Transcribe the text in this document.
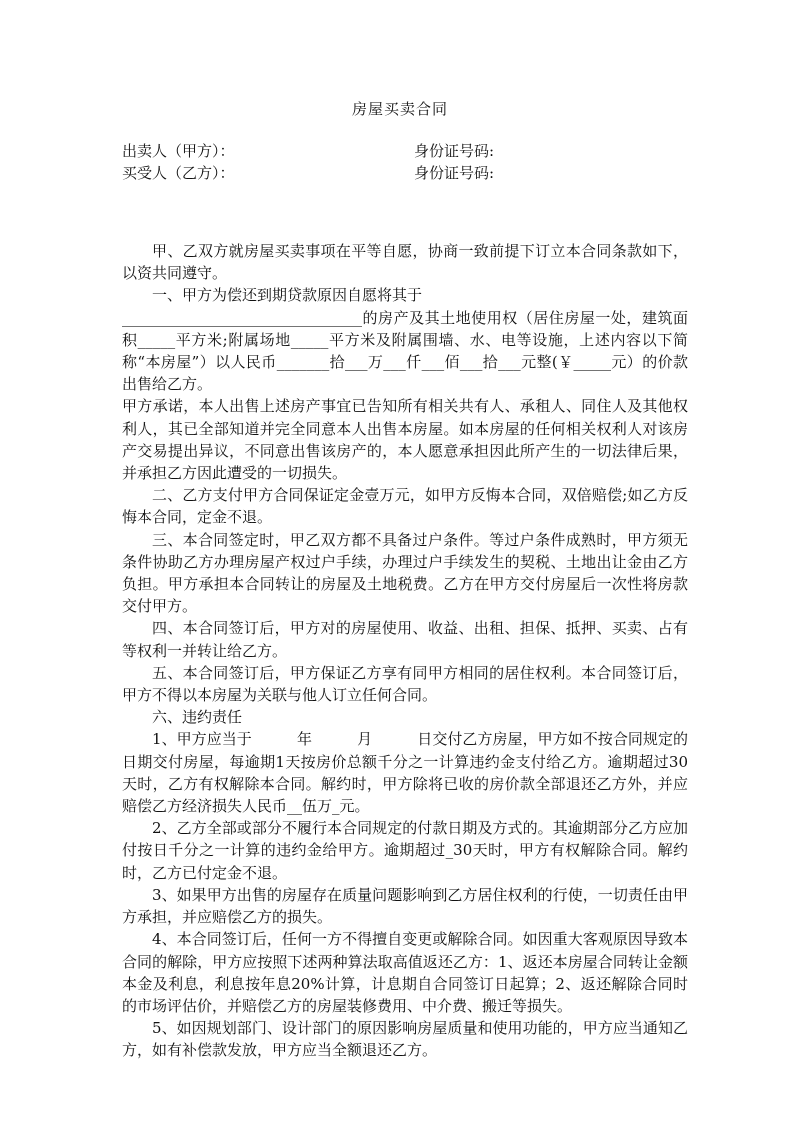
房屋买卖合同
出卖人（甲方）：	身份证号码:
买受人（乙方）：	身份证号码:

甲、乙双方就房屋买卖事项在平等自愿，协商一致前提下订立本合同条款如下，以资共同遵守。

一、甲方为偿还到期贷款原因自愿将其于

________________________________的房产及其土地使用权（居住房屋一处，建筑面积_____平方米;附属场地_____平方米及附属围墙、水、电等设施，上述内容以下简称“本房屋”）以人民币_______拾___万___仟___佰___拾___元整(￥_____元）的价款出售给乙方。

甲方承诺，本人出售上述房产事宜已告知所有相关共有人、承租人、同住人及其他权利人，其已全部知道并完全同意本人出售本房屋。如本房屋的任何相关权利人对该房产交易提出异议，不同意出售该房产的，本人愿意承担因此所产生的一切法律后果，并承担乙方因此遭受的一切损失。

二、乙方支付甲方合同保证定金壹万元，如甲方反悔本合同，双倍赔偿;如乙方反悔本合同，定金不退。

三、本合同签定时，甲乙双方都不具备过户条件。等过户条件成熟时，甲方须无条件协助乙方办理房屋产权过户手续，办理过户手续发生的契税、土地出让金由乙方负担。甲方承担本合同转让的房屋及土地税费。乙方在甲方交付房屋后一次性将房款交付甲方。

四、本合同签订后，甲方对的房屋使用、收益、出租、担保、抵押、买卖、占有等权利一并转让给乙方。

五、本合同签订后，甲方保证乙方享有同甲方相同的居住权利。本合同签订后，甲方不得以本房屋为关联与他人订立任何合同。

六、违约责任

1、甲方应当于　　　年　　　月　　　日交付乙方房屋，甲方如不按合同规定的日期交付房屋，每逾期1天按房价总额千分之一计算违约金支付给乙方。逾期超过30天时，乙方有权解除本合同。解约时，甲方除将已收的房价款全部退还乙方外，并应赔偿乙方经济损失人民币__伍万_元。

2、乙方全部或部分不履行本合同规定的付款日期及方式的。其逾期部分乙方应加付按日千分之一计算的违约金给甲方。逾期超过_30天时，甲方有权解除合同。解约时，乙方已付定金不退。

3、如果甲方出售的房屋存在质量问题影响到乙方居住权利的行使，一切责任由甲方承担，并应赔偿乙方的损失。

4、本合同签订后，任何一方不得擅自变更或解除合同。如因重大客观原因导致本合同的解除，甲方应按照下述两种算法取高值返还乙方：1、返还本房屋合同转让金额本金及利息，利息按年息20%计算，计息期自合同签订日起算；2、返还解除合同时的市场评估价，并赔偿乙方的房屋装修费用、中介费、搬迁等损失。

5、如因规划部门、设计部门的原因影响房屋质量和使用功能的，甲方应当通知乙方，如有补偿款发放，甲方应当全额退还乙方。
